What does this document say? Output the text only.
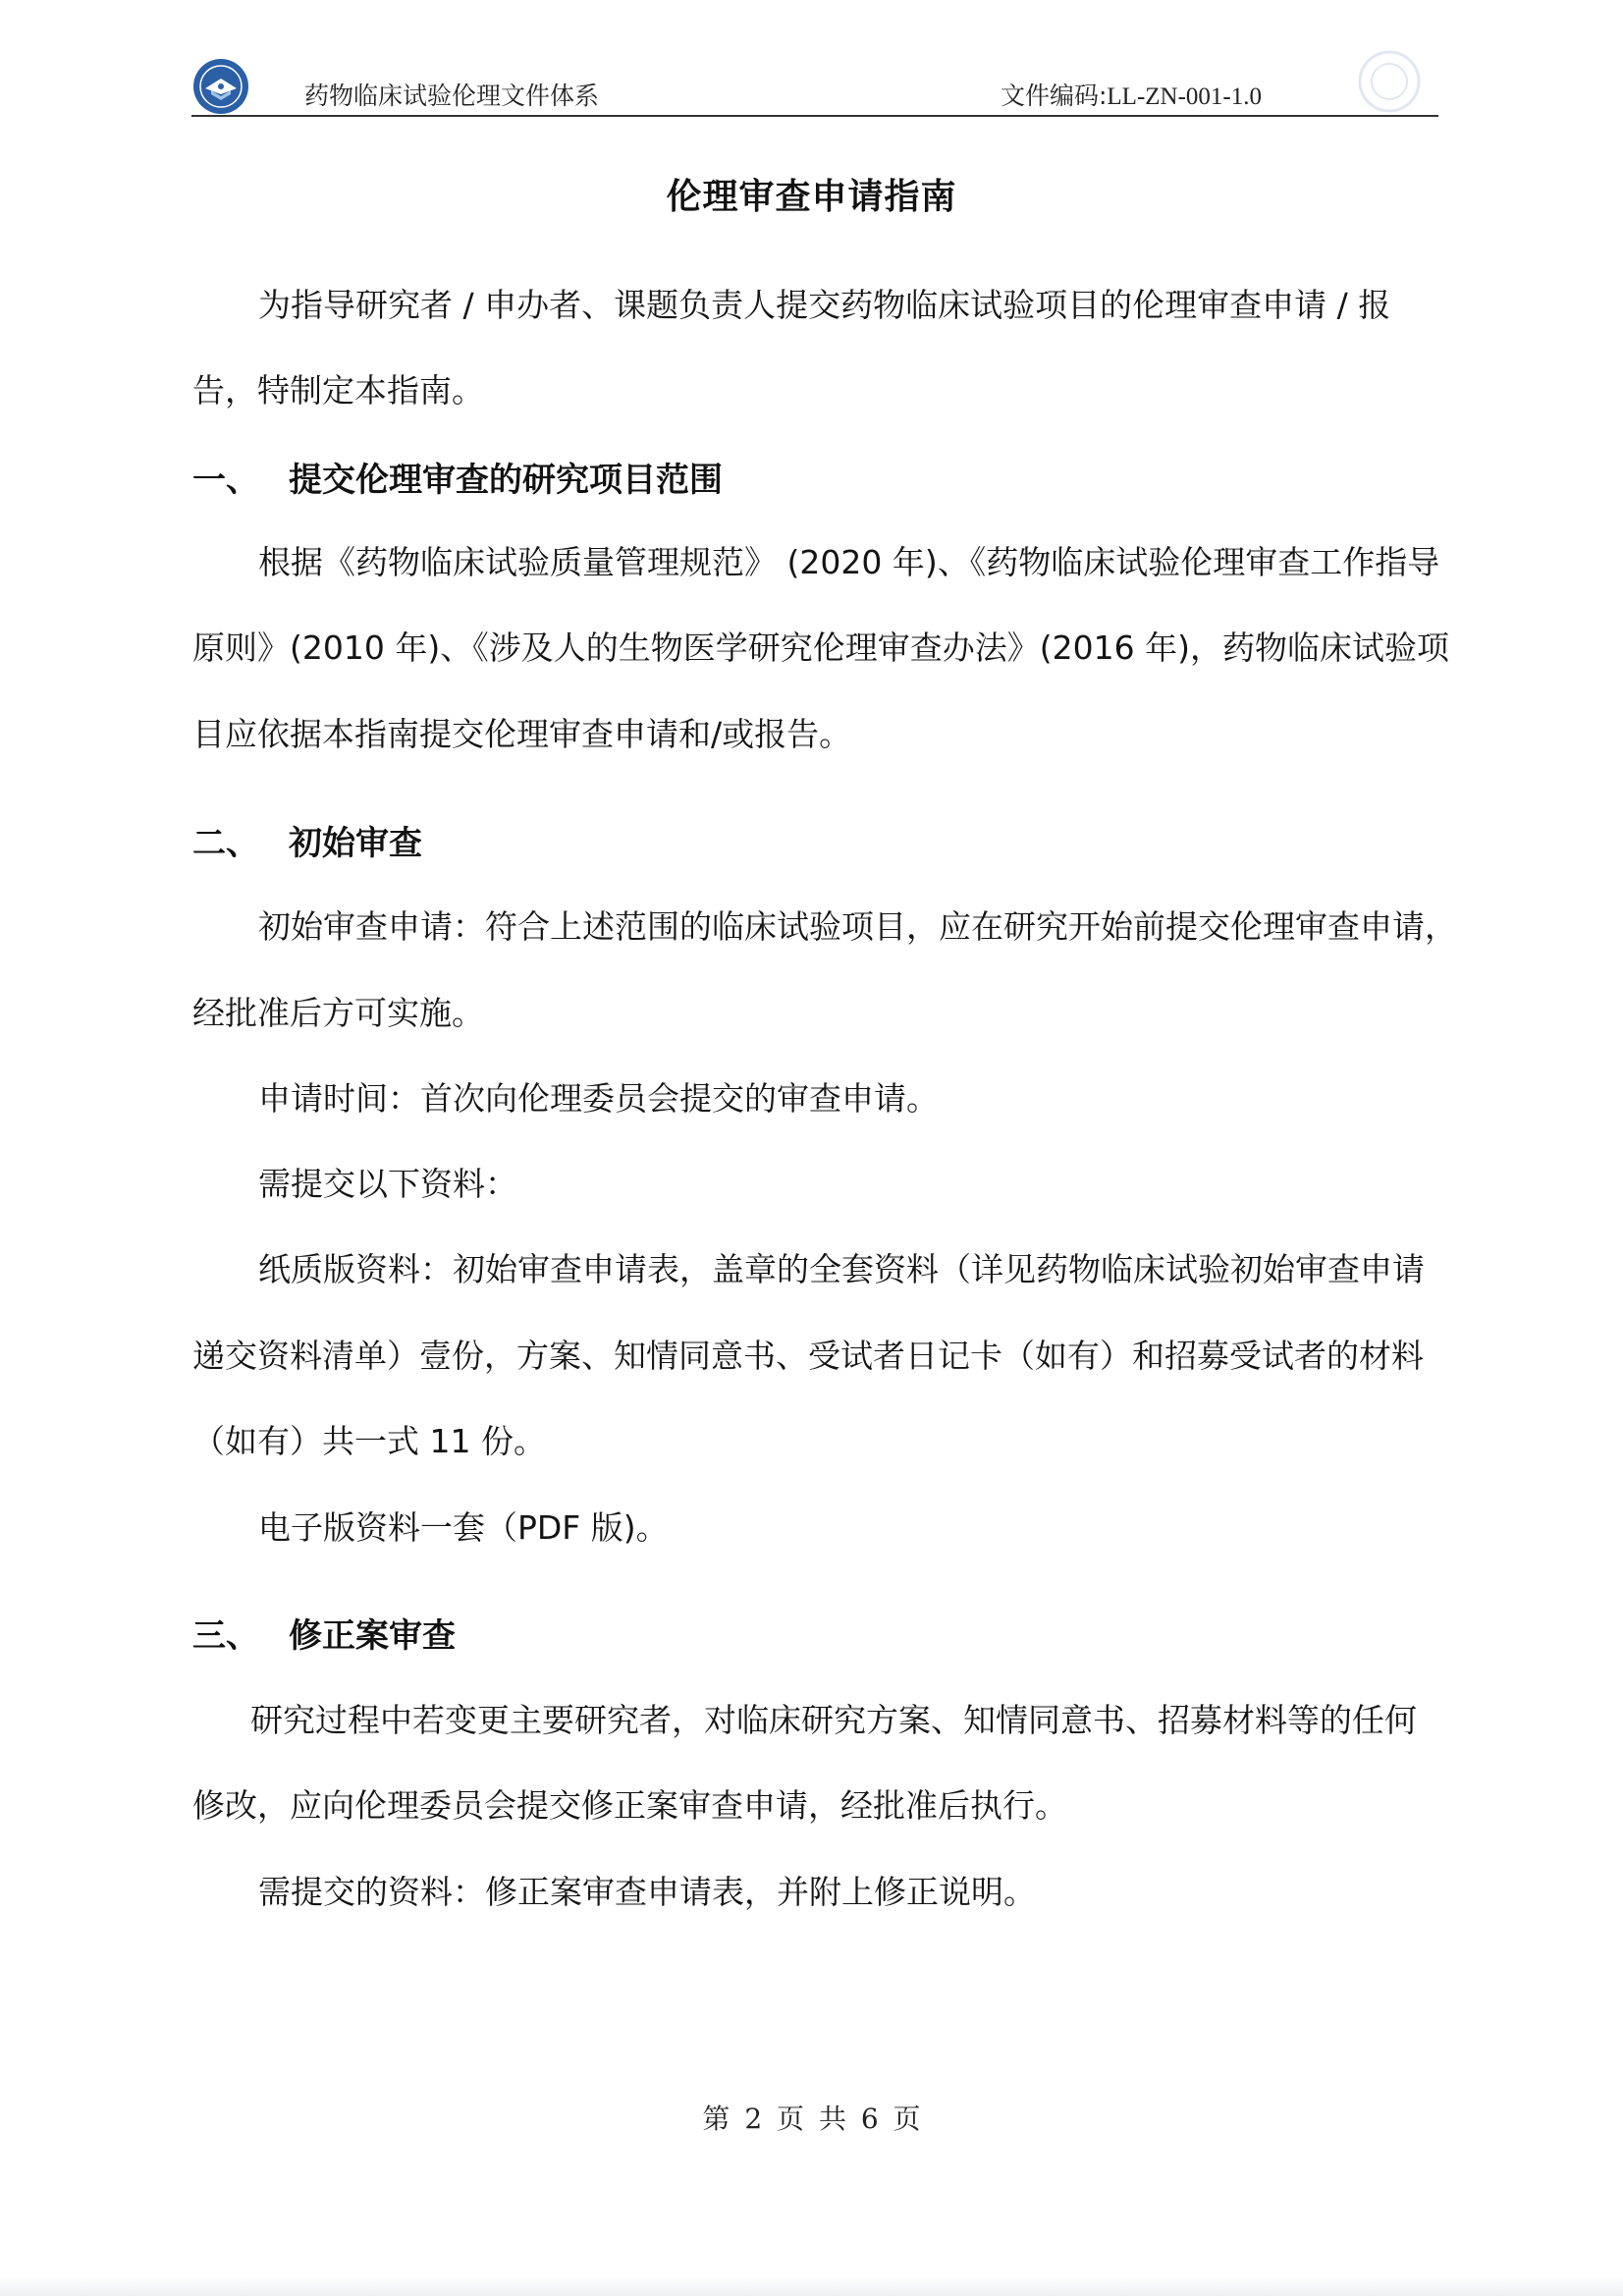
药物临床试验伦理文件体系	文件编码:LL-ZN-001-1.0
伦理审查申请指南
为指导研究者 / 申办者、课题负责人提交药物临床试验项目的伦理审查申请 / 报
告，特制定本指南。
一、 提交伦理审查的研究项目范围
根据《药物临床试验质量管理规范》 (2020 年)、《药物临床试验伦理审查工作指导
原则》(2010 年)、《涉及人的生物医学研究伦理审查办法》(2016 年)，药物临床试验项
目应依据本指南提交伦理审查申请和/或报告。
二、 初始审查
初始审查申请：符合上述范围的临床试验项目，应在研究开始前提交伦理审查申请，
经批准后方可实施。
申请时间：首次向伦理委员会提交的审查申请。
需提交以下资料：
纸质版资料：初始审查申请表，盖章的全套资料（详见药物临床试验初始审查申请
递交资料清单）壹份，方案、知情同意书、受试者日记卡（如有）和招募受试者的材料
（如有）共一式 11 份。
电子版资料一套（PDF 版)。
三、 修正案审查
研究过程中若变更主要研究者，对临床研究方案、知情同意书、招募材料等的任何
修改，应向伦理委员会提交修正案审查申请，经批准后执行。
需提交的资料：修正案审查申请表，并附上修正说明。
第 2 页 共 6 页
